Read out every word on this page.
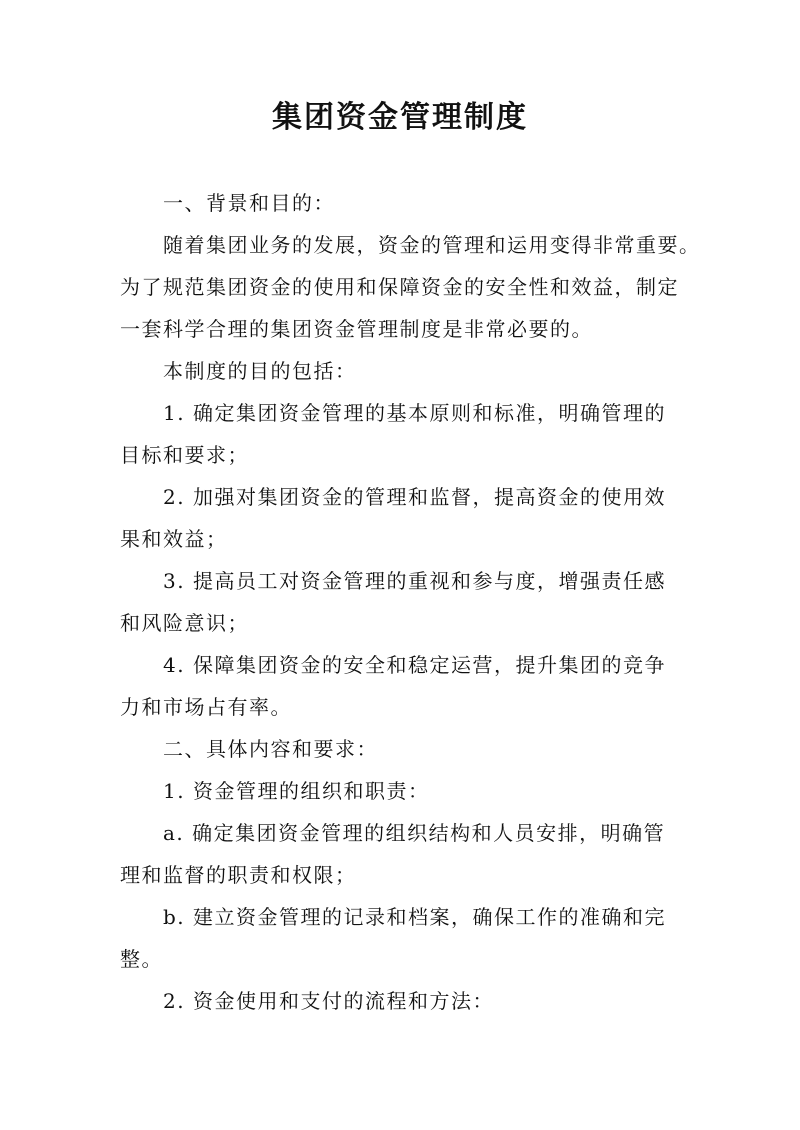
集团资金管理制度
一、背景和目的：
随着集团业务的发展，资金的管理和运用变得非常重要。
为了规范集团资金的使用和保障资金的安全性和效益，制定
一套科学合理的集团资金管理制度是非常必要的。
本制度的目的包括：
1. 确定集团资金管理的基本原则和标准，明确管理的
目标和要求；
2. 加强对集团资金的管理和监督，提高资金的使用效
果和效益；
3. 提高员工对资金管理的重视和参与度，增强责任感
和风险意识；
4. 保障集团资金的安全和稳定运营，提升集团的竞争
力和市场占有率。
二、具体内容和要求：
1. 资金管理的组织和职责：
a. 确定集团资金管理的组织结构和人员安排，明确管
理和监督的职责和权限；
b. 建立资金管理的记录和档案，确保工作的准确和完
整。
2. 资金使用和支付的流程和方法：
